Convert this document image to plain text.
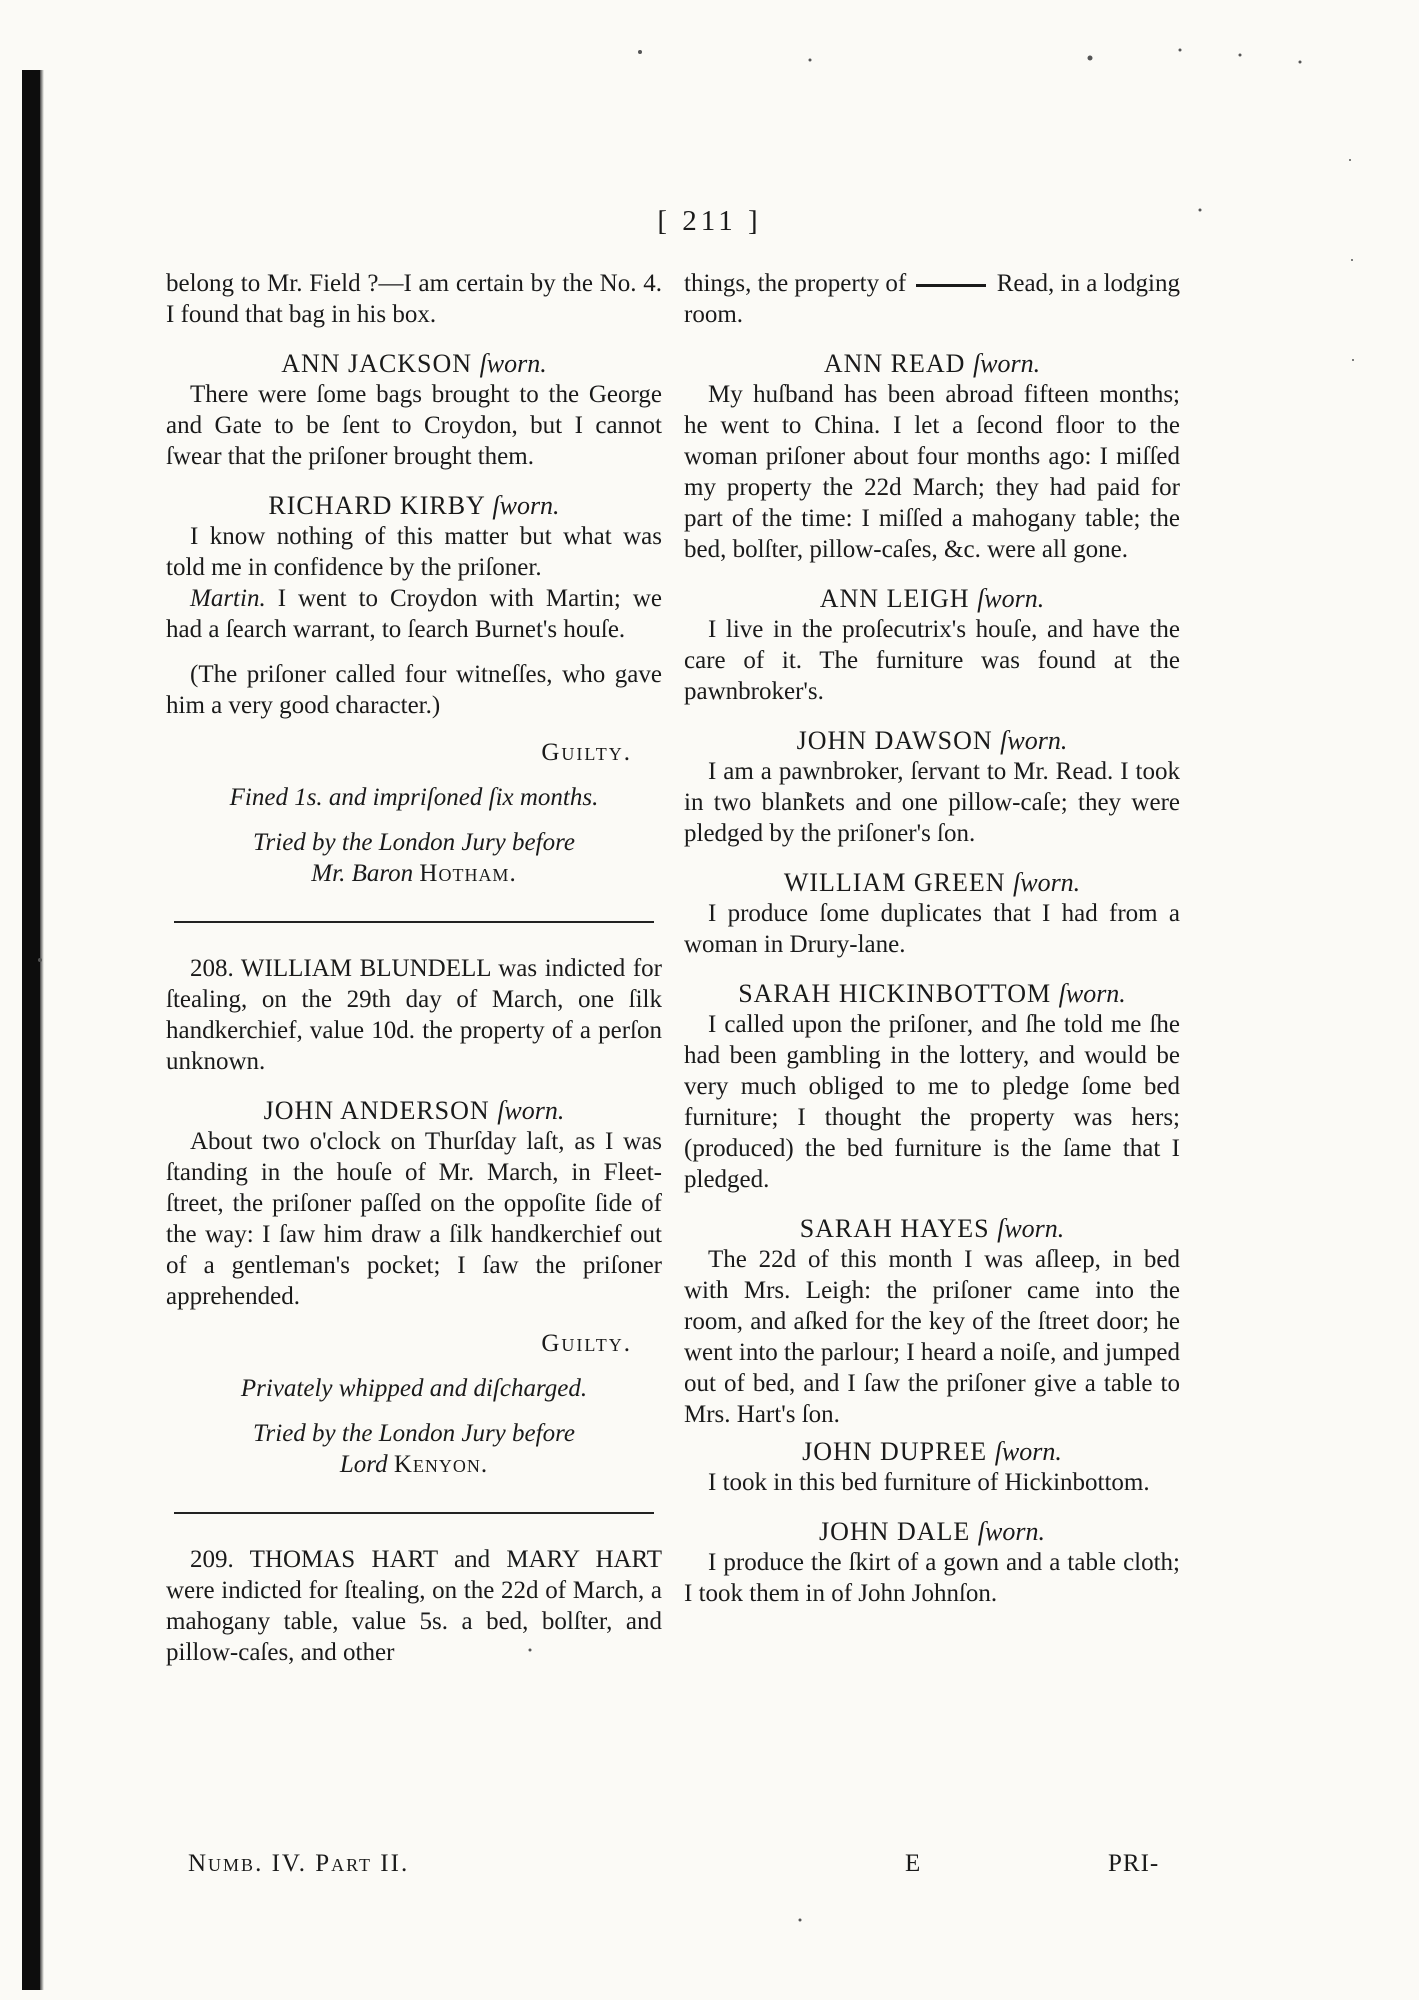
[ 211 ]

belong to Mr. Field ?—I am certain by the No. 4. I found that bag in his box.

ANN JACKSON ſworn.

There were ſome bags brought to the George and Gate to be ſent to Croydon, but I cannot ſwear that the priſoner brought them.

RICHARD KIRBY ſworn.

I know nothing of this matter but what was told me in confidence by the priſoner.

Martin. I went to Croydon with Martin; we had a ſearch warrant, to ſearch Burnet's houſe.

(The priſoner called four witneſſes, who gave him a very good character.)

Guilty.

Fined 1s. and impriſoned ſix months.

Tried by the London Jury before

Mr. Baron Hotham.

208. WILLIAM BLUNDELL was indicted for ſtealing, on the 29th day of March, one ſilk handkerchief, value 10d. the property of a perſon unknown.

JOHN ANDERSON ſworn.

About two o'clock on Thurſday laſt, as I was ſtanding in the houſe of Mr. March, in Fleet-ſtreet, the priſoner paſſed on the oppoſite ſide of the way: I ſaw him draw a ſilk handkerchief out of a gentleman's pocket; I ſaw the priſoner apprehended.

Guilty.

Privately whipped and diſcharged.

Tried by the London Jury before

Lord Kenyon.

209. THOMAS HART and MARY HART were indicted for ſtealing, on the 22d of March, a mahogany table, value 5s. a bed, bolſter, and pillow-caſes, and other

things, the property of	Read, in a lodging room.

ANN READ ſworn.

My huſband has been abroad fifteen months; he went to China. I let a ſecond floor to the woman priſoner about four months ago: I miſſed my property the 22d March; they had paid for part of the time: I miſſed a mahogany table; the bed, bolſter, pillow-caſes, &c. were all gone.

ANN LEIGH ſworn.

I live in the proſecutrix's houſe, and have the care of it. The furniture was found at the pawnbroker's.

JOHN DAWSON ſworn.

I am a pawnbroker, ſervant to Mr. Read. I took in two blankets and one pillow-caſe; they were pledged by the priſoner's ſon.

WILLIAM GREEN ſworn.

I produce ſome duplicates that I had from a woman in Drury-lane.

SARAH HICKINBOTTOM ſworn.

I called upon the priſoner, and ſhe told me ſhe had been gambling in the lottery, and would be very much obliged to me to pledge ſome bed furniture; I thought the property was hers; (produced) the bed furniture is the ſame that I pledged.

SARAH HAYES ſworn.

The 22d of this month I was aſleep, in bed with Mrs. Leigh: the priſoner came into the room, and aſked for the key of the ſtreet door; he went into the parlour; I heard a noiſe, and jumped out of bed, and I ſaw the priſoner give a table to Mrs. Hart's ſon.

JOHN DUPREE ſworn.

I took in this bed furniture of Hickinbottom.

JOHN DALE ſworn.

I produce the ſkirt of a gown and a table cloth; I took them in of John Johnſon.

Numb. IV. Part II.	E	PRI-
